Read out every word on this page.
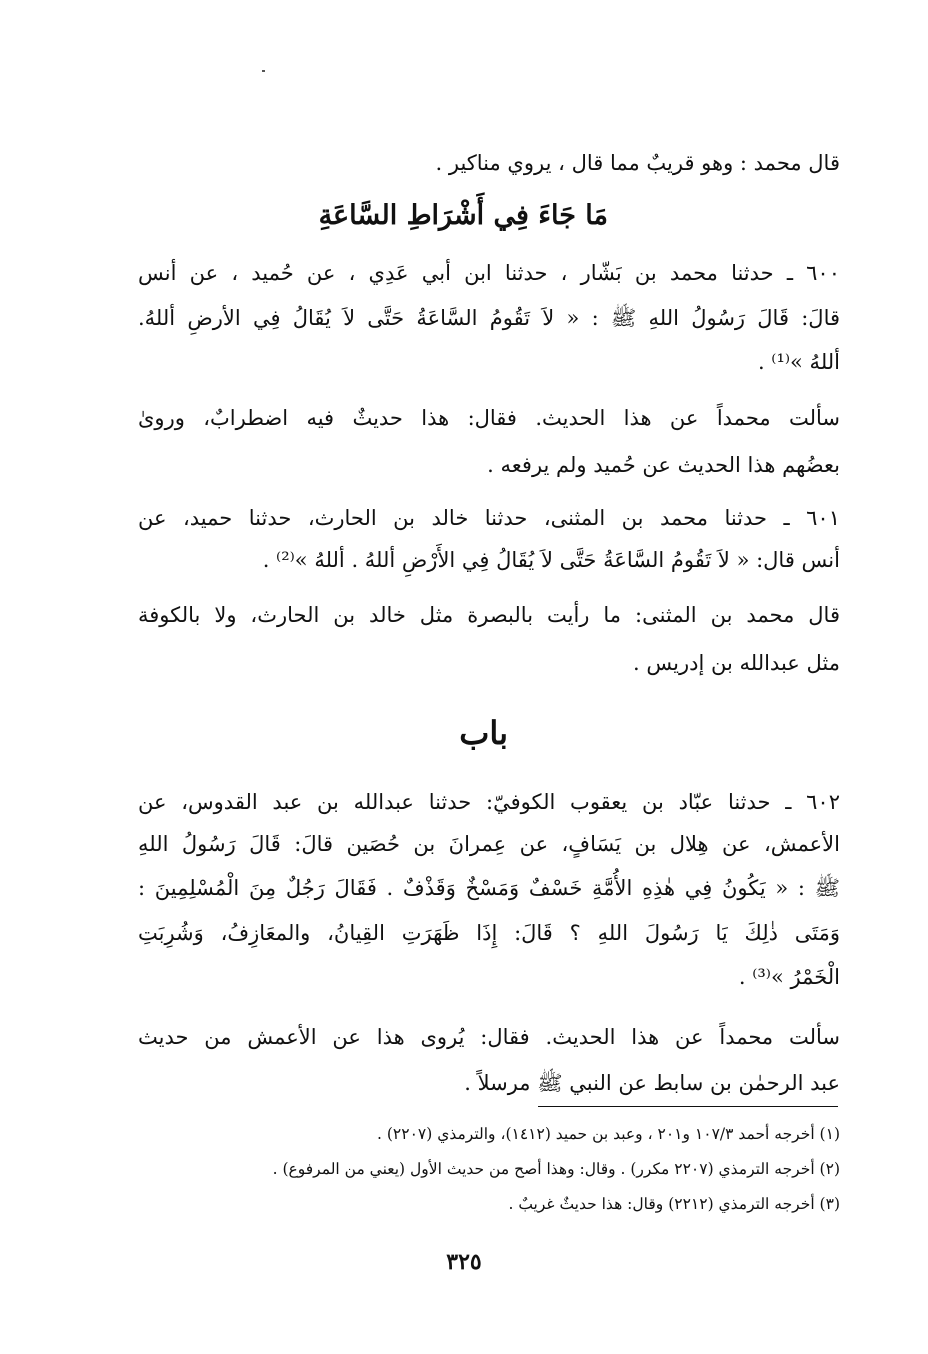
قال محمد : وهو قريبٌ مما قال ، يروي مناكير .
مَا جَاءَ فِي أَشْرَاطِ السَّاعَةِ
٦٠٠ ـ حدثنا محمد بن بَشّار ، حدثنا ابن أبي عَدِي ، عن حُميد ، عن أنس
قالَ: قَالَ رَسُولُ اللهِ ﷺ : « لاَ تَقُومُ السَّاعَةُ حَتَّى لاَ يُقَالُ فِي الأرضِ أللهُ.
أللهُ »⁽¹⁾ .
سألت محمداً عن هذا الحديث. فقال: هذا حديثٌ فيه اضطرابٌ، وروىٰ
بعضُهم هذا الحديث عن حُميد ولم يرفعه .
٦٠١ ـ حدثنا محمد بن المثنى، حدثنا خالد بن الحارث، حدثنا حميد، عن
أنس قال: « لاَ تَقُومُ السَّاعَةُ حَتَّى لاَ يُقَالُ فِي الأَرْضِ أللهُ . أللهُ »⁽²⁾ .
قال محمد بن المثنى: ما رأيت بالبصرة مثل خالد بن الحارث، ولا بالكوفة
مثل عبدالله بن إدريس .
باب
٦٠٢ ـ حدثنا عبّاد بن يعقوب الكوفيّ: حدثنا عبدالله بن عبد القدوس، عن
الأعمش، عن هِلال بن يَسَافٍ، عن عِمرانَ بن حُصَين قالَ: قَالَ رَسُولُ اللهِ
ﷺ : « يَكُونُ فِي هٰذِهِ الأُمَّةِ خَسْفٌ وَمَسْخٌ وَقَذْفٌ . فَقَالَ رَجُلٌ مِنَ الْمُسْلِمِينَ :
وَمَتَى ذٰلِكَ يَا رَسُولَ اللهِ ؟ قَالَ: إِذَا ظَهَرَتِ القِيانُ، والمعَازِفُ، وَشُرِبَتِ
الْخَمْرُ »⁽³⁾ .
سألت محمداً عن هذا الحديث. فقال: يُروى هذا عن الأعمش من حديث
عبد الرحمٰن بن سابط عن النبي ﷺ مرسلاً .
(١) أخرجه أحمد ١٠٧/٣ و٢٠١ ، وعبد بن حميد (١٤١٢)، والترمذي (٢٢٠٧) .
(٢) أخرجه الترمذي (٢٢٠٧ مكرر) . وقال: وهذا أصح من حديث الأول (يعني من المرفوع) .
(٣) أخرجه الترمذي (٢٢١٢) وقال: هذا حديثٌ غريبٌ .
٣٢٥
